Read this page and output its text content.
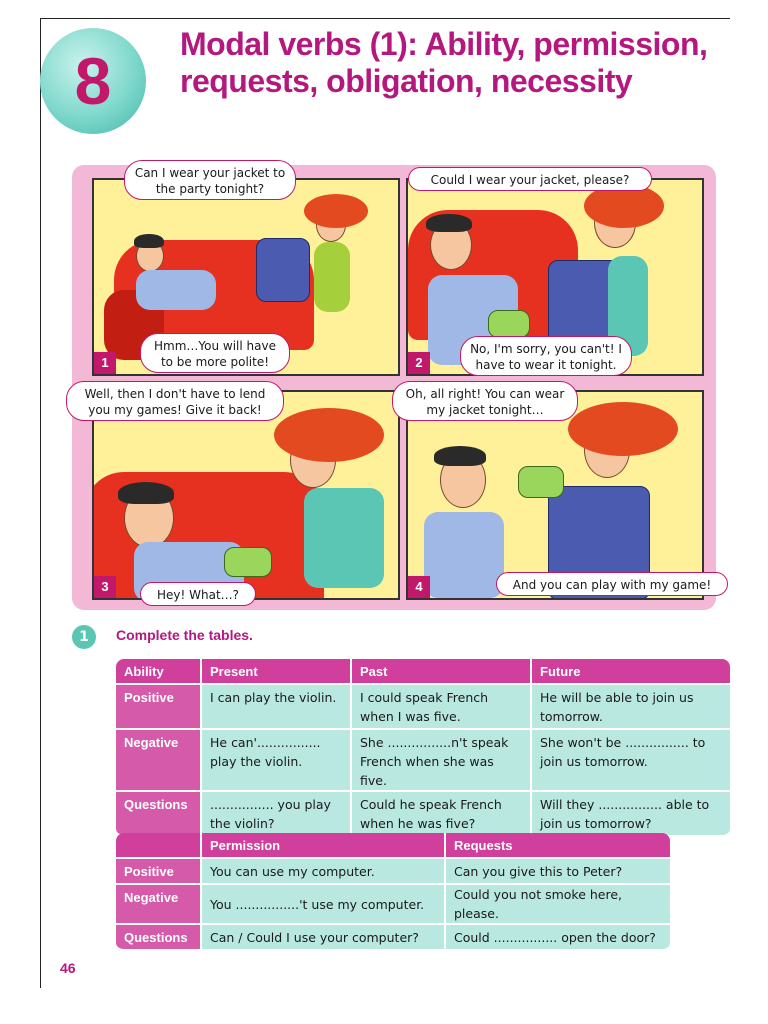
8	Modal verbs (1): Ability, permission, requests, obligation, necessity
1	2
3	4
Can I wear your jacket to the party tonight?
Hmm…You will have to be more polite!
Could I wear your jacket, please?
No, I'm sorry, you can't! I have to wear it tonight.
Well, then I don't have to lend you my games! Give it back!
Hey! What…?
Oh, all right! You can wear my jacket tonight…
And you can play with my game!
1	Complete the tables.
Ability	Present	Past	Future
Positive	I can play the violin.	I could speak French when I was five.	He will be able to join us tomorrow.
Negative	He can'................ play the violin.	She ................n't speak French when she was five.	She won't be ................ to join us tomorrow.
Questions	................ you play the violin?	Could he speak French when he was five?	Will they ................ able to join us tomorrow?
	Permission	Requests
Positive	You can use my computer.	Can you give this to Peter?
Negative	You ................'t use my computer.	Could you not smoke here, please.
Questions	Can / Could I use your computer?	Could ................ open the door?
46
